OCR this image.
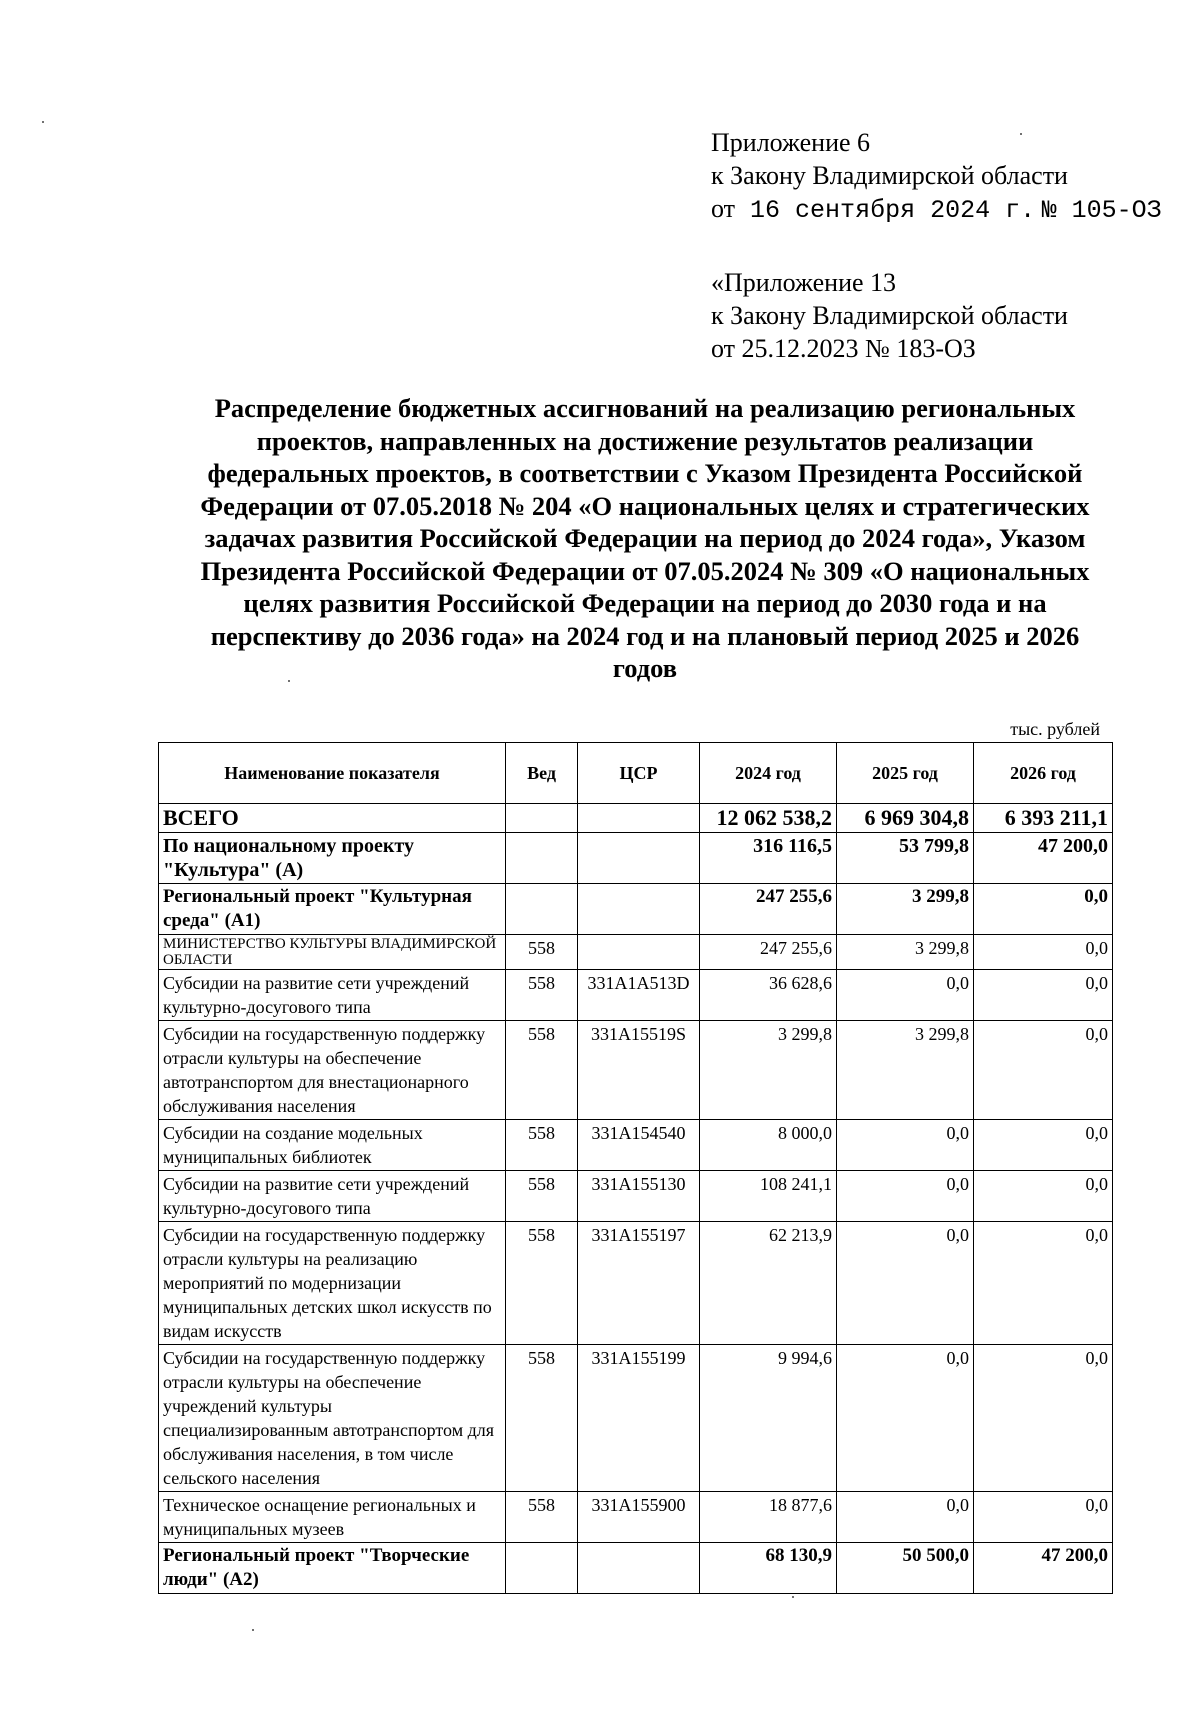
Приложение 6
к Закону Владимирской области
от 16 сентября 2024 г. № 105-ОЗ
«Приложение 13
к Закону Владимирской области
от 25.12.2023 № 183-ОЗ
Распределение бюджетных ассигнований на реализацию региональных
проектов, направленных на достижение результатов реализации
федеральных проектов, в соответствии с Указом Президента Российской
Федерации от 07.05.2018 № 204 «О национальных целях и стратегических
задачах развития Российской Федерации на период до 2024 года», Указом
Президента Российской Федерации от 07.05.2024 № 309 «О национальных
целях развития Российской Федерации на период до 2030 года и на
перспективу до 2036 года» на 2024 год и на плановый период 2025 и 2026
годов
тыс. рублей
Наименование показателя	Вед	ЦСР	2024 год	2025 год	2026 год
ВСЕГО			12 062 538,2	6 969 304,8	6 393 211,1
По национальному проекту "Культура" (А)			316 116,5	53 799,8	47 200,0
Региональный проект "Культурная среда" (А1)			247 255,6	3 299,8	0,0
МИНИСТЕРСТВО КУЛЬТУРЫ ВЛАДИМИРСКОЙ ОБЛАСТИ	558		247 255,6	3 299,8	0,0
Субсидии на развитие сети учреждений культурно-досугового типа	558	331А1А513D	36 628,6	0,0	0,0
Субсидии на государственную поддержку отрасли культуры на обеспечение автотранспортом для внестационарного обслуживания населения	558	331А15519S	3 299,8	3 299,8	0,0
Субсидии на создание модельных муниципальных библиотек	558	331А154540	8 000,0	0,0	0,0
Субсидии на развитие сети учреждений культурно-досугового типа	558	331А155130	108 241,1	0,0	0,0
Субсидии на государственную поддержку отрасли культуры на реализацию мероприятий по модернизации муниципальных детских школ искусств по видам искусств	558	331А155197	62 213,9	0,0	0,0
Субсидии на государственную поддержку отрасли культуры на обеспечение учреждений культуры специализированным автотранспортом для обслуживания населения, в том числе сельского населения	558	331А155199	9 994,6	0,0	0,0
Техническое оснащение региональных и муниципальных музеев	558	331А155900	18 877,6	0,0	0,0
Региональный проект "Творческие люди" (А2)			68 130,9	50 500,0	47 200,0
